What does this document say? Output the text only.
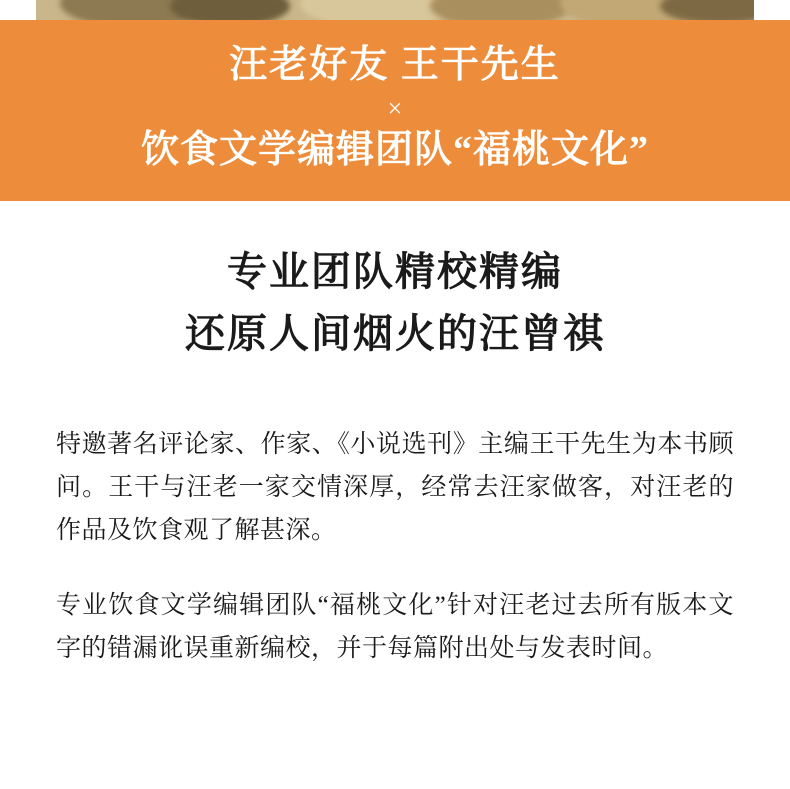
汪老好友 王干先生
×
饮食文学编辑团队“福桃文化”
专业团队精校精编
还原人间烟火的汪曾祺

特邀著名评论家、作家、《小说选刊》主编王干先生为本书顾问。王干与汪老一家交情深厚，经常去汪家做客，对汪老的作品及饮食观了解甚深。

专业饮食文学编辑团队“福桃文化”针对汪老过去所有版本文字的错漏讹误重新编校，并于每篇附出处与发表时间。
